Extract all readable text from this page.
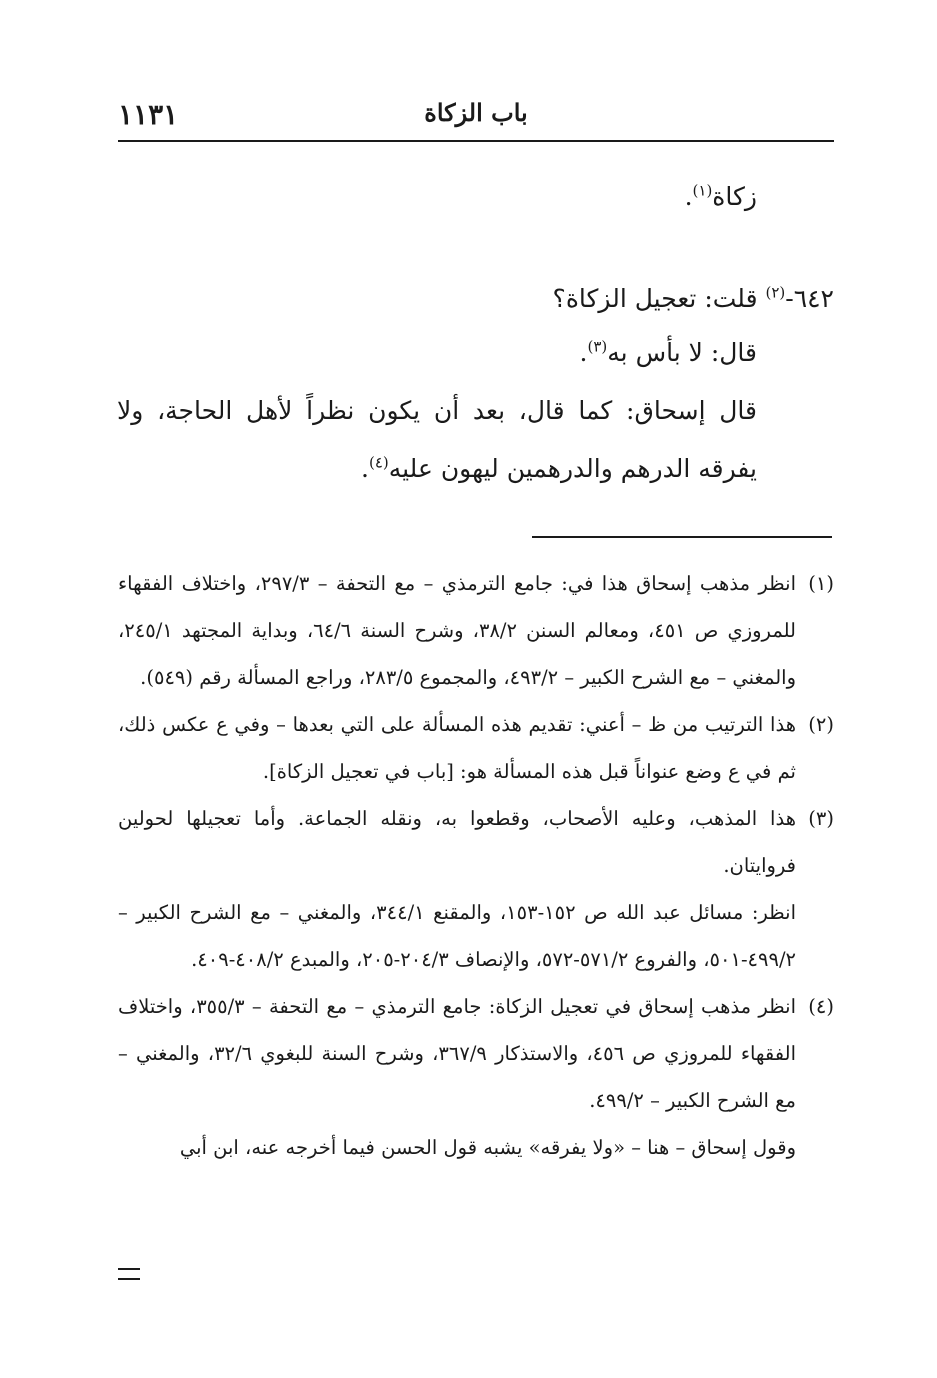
١١٣١	باب الزكاة
زكاة$^{(١)}$.
٦٤٢-$^{(٢)}$ قلت: تعجيل الزكاة؟
قال: لا بأس به$^{(٣)}$.
قال إسحاق: كما قال، بعد أن يكون نظراً لأهل الحاجة، ولا
يفرقه الدرهم والدرهمين ليهون عليه$^{(٤)}$.

(١)انظر مذهب إسحاق هذا في: جامع الترمذي – مع التحفة – ٢٩٧/٣، واختلاف الفقهاء للمروزي ص ٤٥١، ومعالم السنن ٣٨/٢، وشرح السنة ٦٤/٦، وبداية المجتهد ٢٤٥/١، والمغني – مع الشرح الكبير – ٤٩٣/٢، والمجموع ٢٨٣/٥، وراجع المسألة رقم (٥٤٩).

(٢)هذا الترتيب من ظ – أعني: تقديم هذه المسألة على التي بعدها – وفي ع عكس ذلك، ثم في ع وضع عنواناً قبل هذه المسألة هو: [باب في تعجيل الزكاة].

(٣)هذا المذهب، وعليه الأصحاب، وقطعوا به، ونقله الجماعة. وأما تعجيلها لحولين فروايتان.

انظر: مسائل عبد الله ص ١٥٢-١٥٣، والمقنع ٣٤٤/١، والمغني – مع الشرح الكبير – ٤٩٩/٢-٥٠١، والفروع ٥٧١/٢-٥٧٢، والإنصاف ٢٠٤/٣-٢٠٥، والمبدع ٤٠٨/٢-٤٠٩.

(٤)انظر مذهب إسحاق في تعجيل الزكاة: جامع الترمذي – مع التحفة – ٣٥٥/٣، واختلاف الفقهاء للمروزي ص ٤٥٦، والاستذكار ٣٦٧/٩، وشرح السنة للبغوي ٣٢/٦، والمغني – مع الشرح الكبير – ٤٩٩/٢.

وقول إسحاق – هنا – «ولا يفرقه» يشبه قول الحسن فيما أخرجه عنه، ابن أبي
